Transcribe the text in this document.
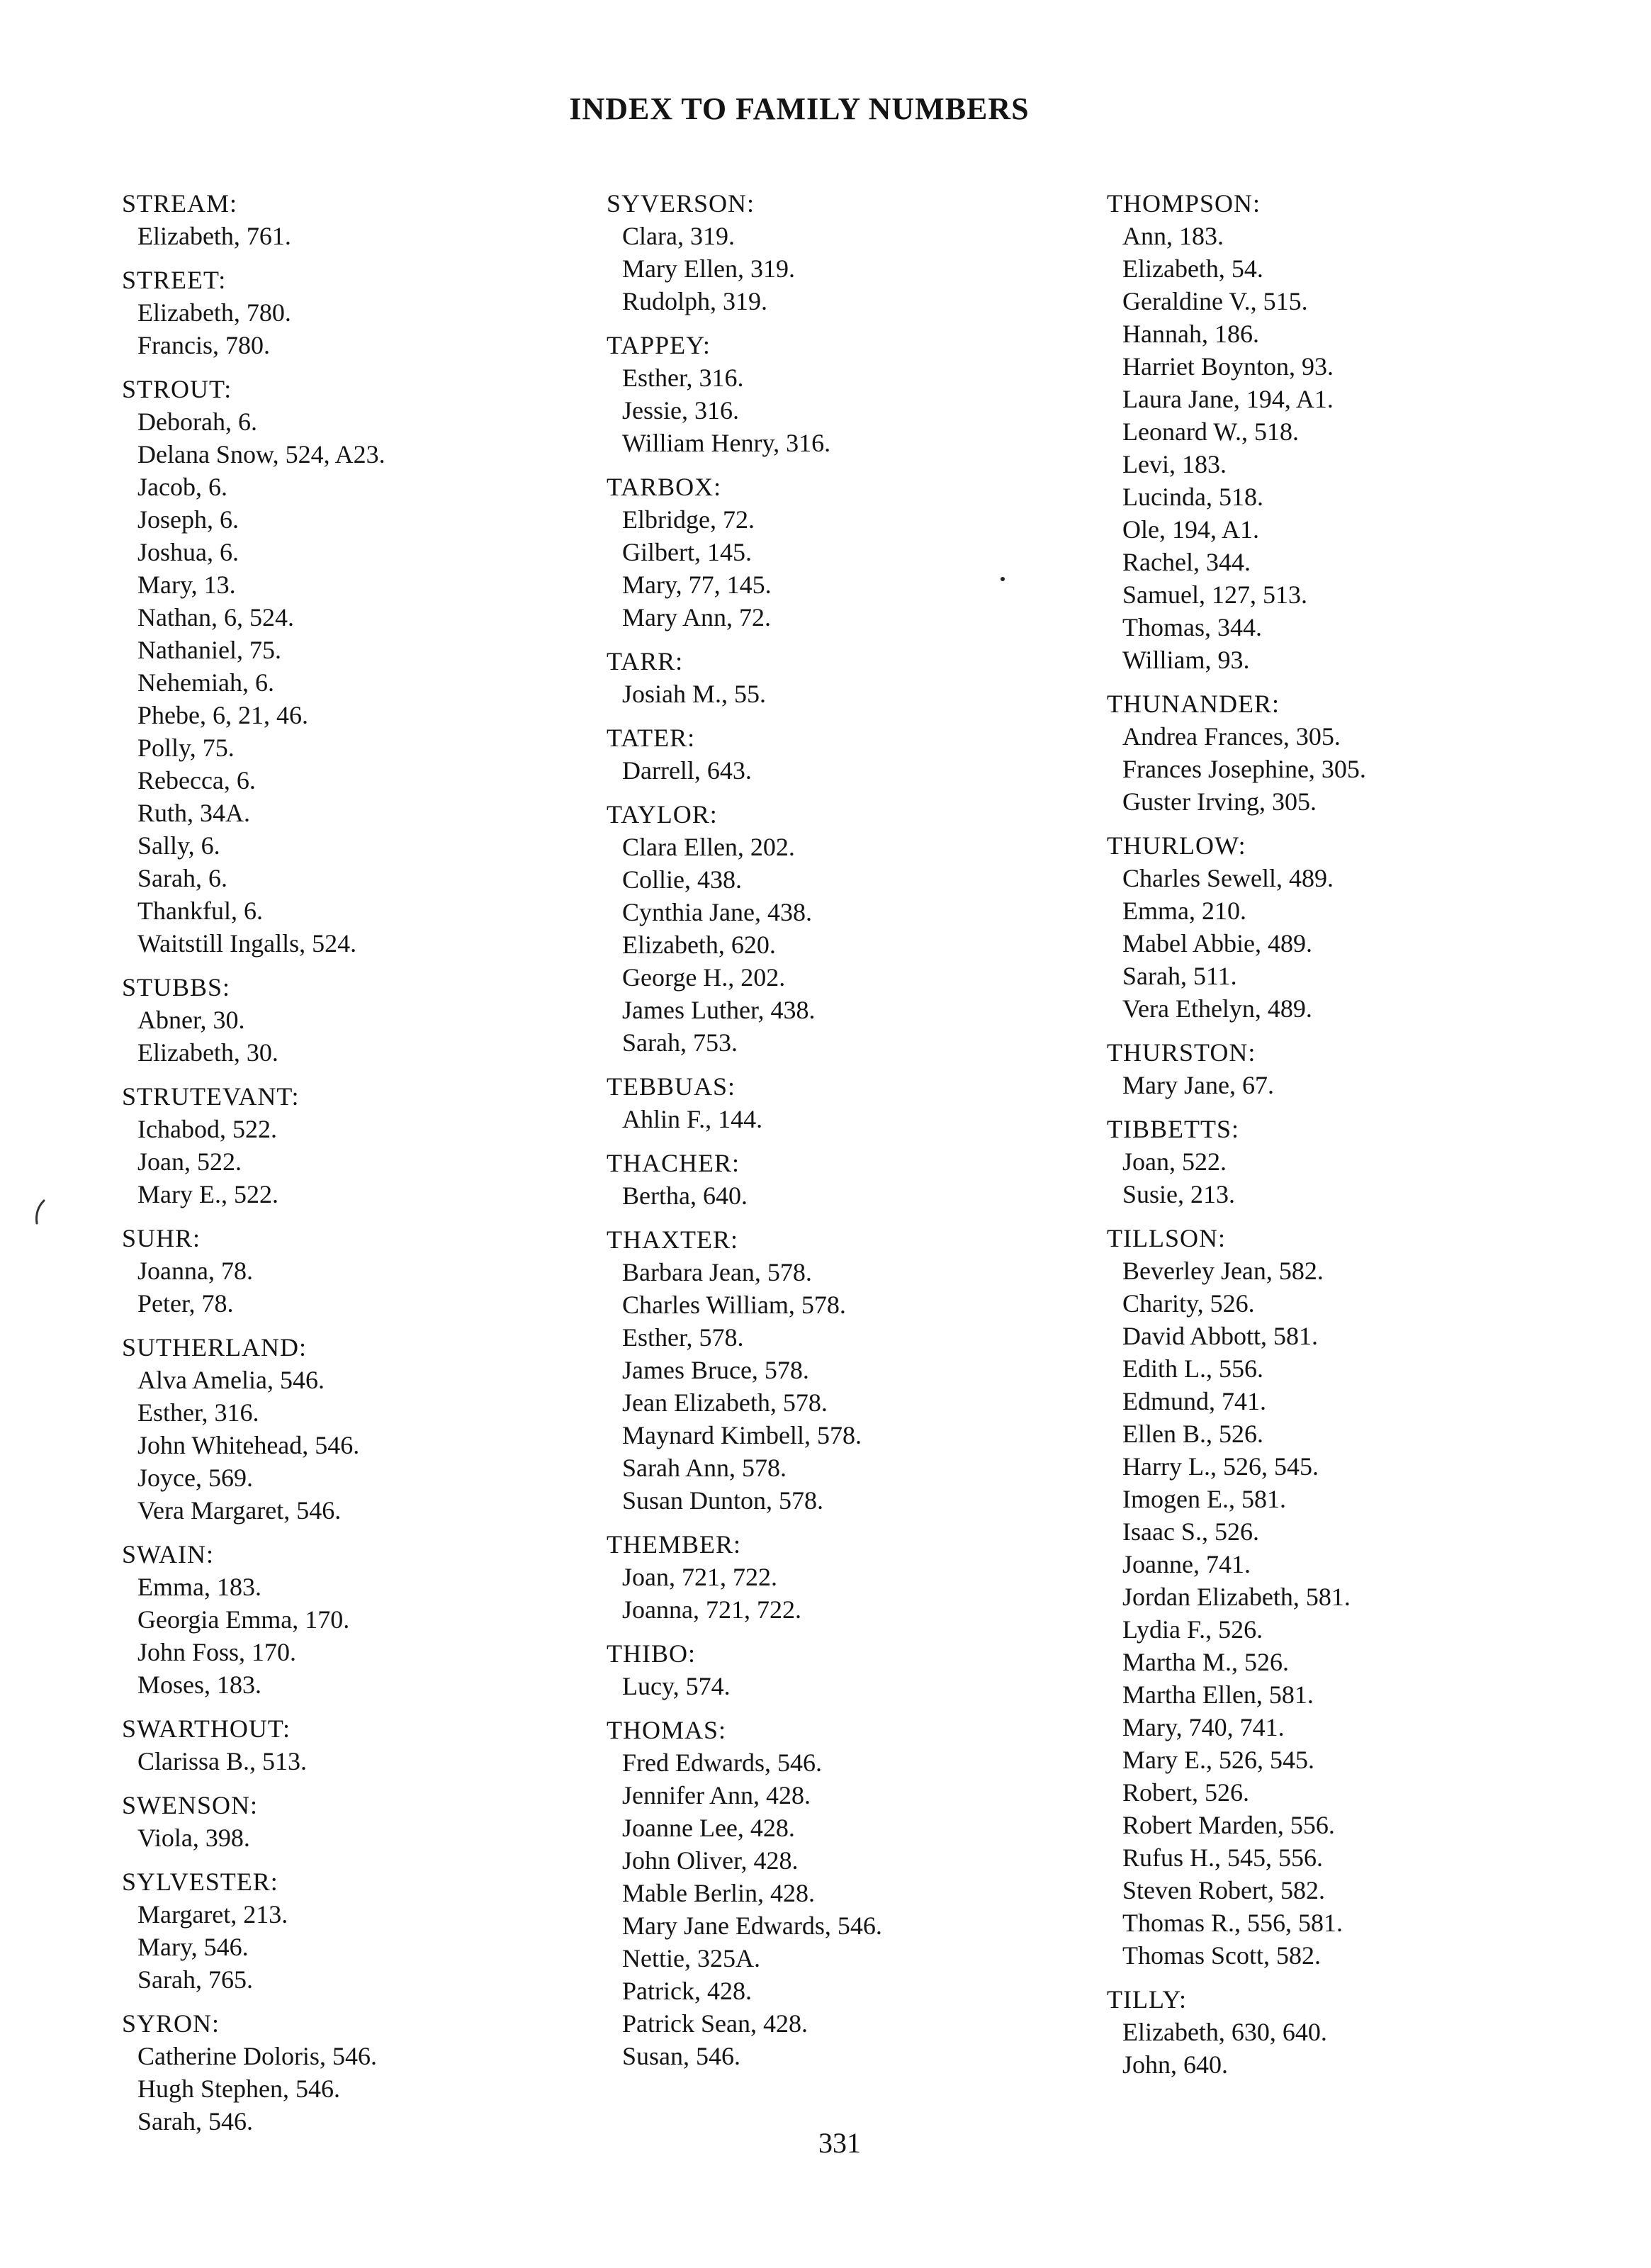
INDEX TO FAMILY NUMBERS
STREAM:
Elizabeth, 761.
STREET:
Elizabeth, 780.
Francis, 780.
STROUT:
Deborah, 6.
Delana Snow, 524, A23.
Jacob, 6.
Joseph, 6.
Joshua, 6.
Mary, 13.
Nathan, 6, 524.
Nathaniel, 75.
Nehemiah, 6.
Phebe, 6, 21, 46.
Polly, 75.
Rebecca, 6.
Ruth, 34A.
Sally, 6.
Sarah, 6.
Thankful, 6.
Waitstill Ingalls, 524.
STUBBS:
Abner, 30.
Elizabeth, 30.
STRUTEVANT:
Ichabod, 522.
Joan, 522.
Mary E., 522.
SUHR:
Joanna, 78.
Peter, 78.
SUTHERLAND:
Alva Amelia, 546.
Esther, 316.
John Whitehead, 546.
Joyce, 569.
Vera Margaret, 546.
SWAIN:
Emma, 183.
Georgia Emma, 170.
John Foss, 170.
Moses, 183.
SWARTHOUT:
Clarissa B., 513.
SWENSON:
Viola, 398.
SYLVESTER:
Margaret, 213.
Mary, 546.
Sarah, 765.
SYRON:
Catherine Doloris, 546.
Hugh Stephen, 546.
Sarah, 546.
SYVERSON:
Clara, 319.
Mary Ellen, 319.
Rudolph, 319.
TAPPEY:
Esther, 316.
Jessie, 316.
William Henry, 316.
TARBOX:
Elbridge, 72.
Gilbert, 145.
Mary, 77, 145.
Mary Ann, 72.
TARR:
Josiah M., 55.
TATER:
Darrell, 643.
TAYLOR:
Clara Ellen, 202.
Collie, 438.
Cynthia Jane, 438.
Elizabeth, 620.
George H., 202.
James Luther, 438.
Sarah, 753.
TEBBUAS:
Ahlin F., 144.
THACHER:
Bertha, 640.
THAXTER:
Barbara Jean, 578.
Charles William, 578.
Esther, 578.
James Bruce, 578.
Jean Elizabeth, 578.
Maynard Kimbell, 578.
Sarah Ann, 578.
Susan Dunton, 578.
THEMBER:
Joan, 721, 722.
Joanna, 721, 722.
THIBO:
Lucy, 574.
THOMAS:
Fred Edwards, 546.
Jennifer Ann, 428.
Joanne Lee, 428.
John Oliver, 428.
Mable Berlin, 428.
Mary Jane Edwards, 546.
Nettie, 325A.
Patrick, 428.
Patrick Sean, 428.
Susan, 546.
THOMPSON:
Ann, 183.
Elizabeth, 54.
Geraldine V., 515.
Hannah, 186.
Harriet Boynton, 93.
Laura Jane, 194, A1.
Leonard W., 518.
Levi, 183.
Lucinda, 518.
Ole, 194, A1.
Rachel, 344.
Samuel, 127, 513.
Thomas, 344.
William, 93.
THUNANDER:
Andrea Frances, 305.
Frances Josephine, 305.
Guster Irving, 305.
THURLOW:
Charles Sewell, 489.
Emma, 210.
Mabel Abbie, 489.
Sarah, 511.
Vera Ethelyn, 489.
THURSTON:
Mary Jane, 67.
TIBBETTS:
Joan, 522.
Susie, 213.
TILLSON:
Beverley Jean, 582.
Charity, 526.
David Abbott, 581.
Edith L., 556.
Edmund, 741.
Ellen B., 526.
Harry L., 526, 545.
Imogen E., 581.
Isaac S., 526.
Joanne, 741.
Jordan Elizabeth, 581.
Lydia F., 526.
Martha M., 526.
Martha Ellen, 581.
Mary, 740, 741.
Mary E., 526, 545.
Robert, 526.
Robert Marden, 556.
Rufus H., 545, 556.
Steven Robert, 582.
Thomas R., 556, 581.
Thomas Scott, 582.
TILLY:
Elizabeth, 630, 640.
John, 640.
331
